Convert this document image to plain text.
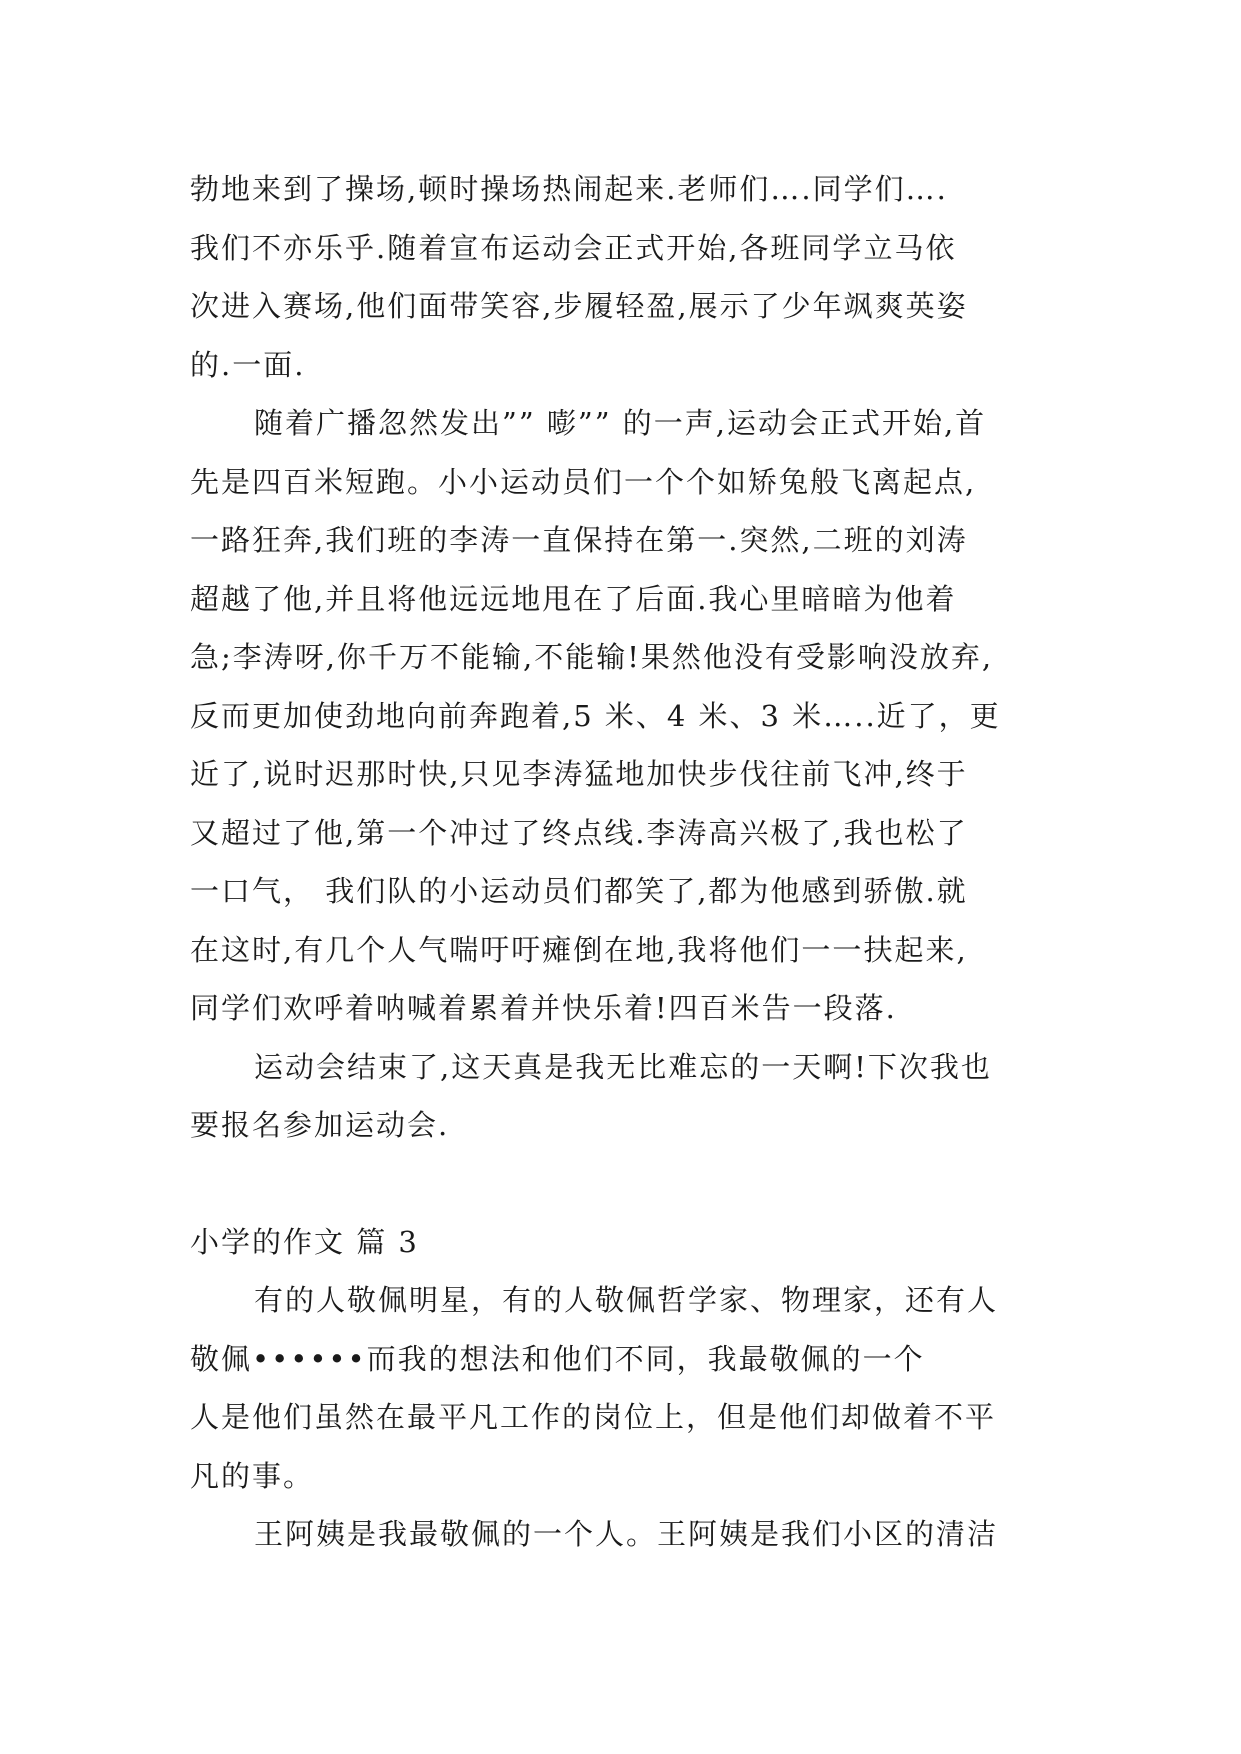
勃地来到了操场,顿时操场热闹起来.老师们….同学们….
我们不亦乐乎.随着宣布运动会正式开始,各班同学立马依
次进入赛场,他们面带笑容,步履轻盈,展示了少年飒爽英姿
的.一面.
随着广播忽然发出”” 嘭”” 的一声,运动会正式开始,首
先是四百米短跑。小小运动员们一个个如矫兔般飞离起点,
一路狂奔,我们班的李涛一直保持在第一.突然,二班的刘涛
超越了他,并且将他远远地甩在了后面.我心里暗暗为他着
急;李涛呀,你千万不能输,不能输!果然他没有受影响没放弃,
反而更加使劲地向前奔跑着,5 米、4 米、3 米…..近了，更
近了,说时迟那时快,只见李涛猛地加快步伐往前飞冲,终于
又超过了他,第一个冲过了终点线.李涛高兴极了,我也松了
一口气， 我们队的小运动员们都笑了,都为他感到骄傲.就
在这时,有几个人气喘吁吁瘫倒在地,我将他们一一扶起来,
同学们欢呼着呐喊着累着并快乐着!四百米告一段落.
运动会结束了,这天真是我无比难忘的一天啊!下次我也
要报名参加运动会.
小学的作文 篇 3
有的人敬佩明星，有的人敬佩哲学家、物理家，还有人
敬佩••••••而我的想法和他们不同，我最敬佩的一个
人是他们虽然在最平凡工作的岗位上，但是他们却做着不平
凡的事。
王阿姨是我最敬佩的一个人。王阿姨是我们小区的清洁
